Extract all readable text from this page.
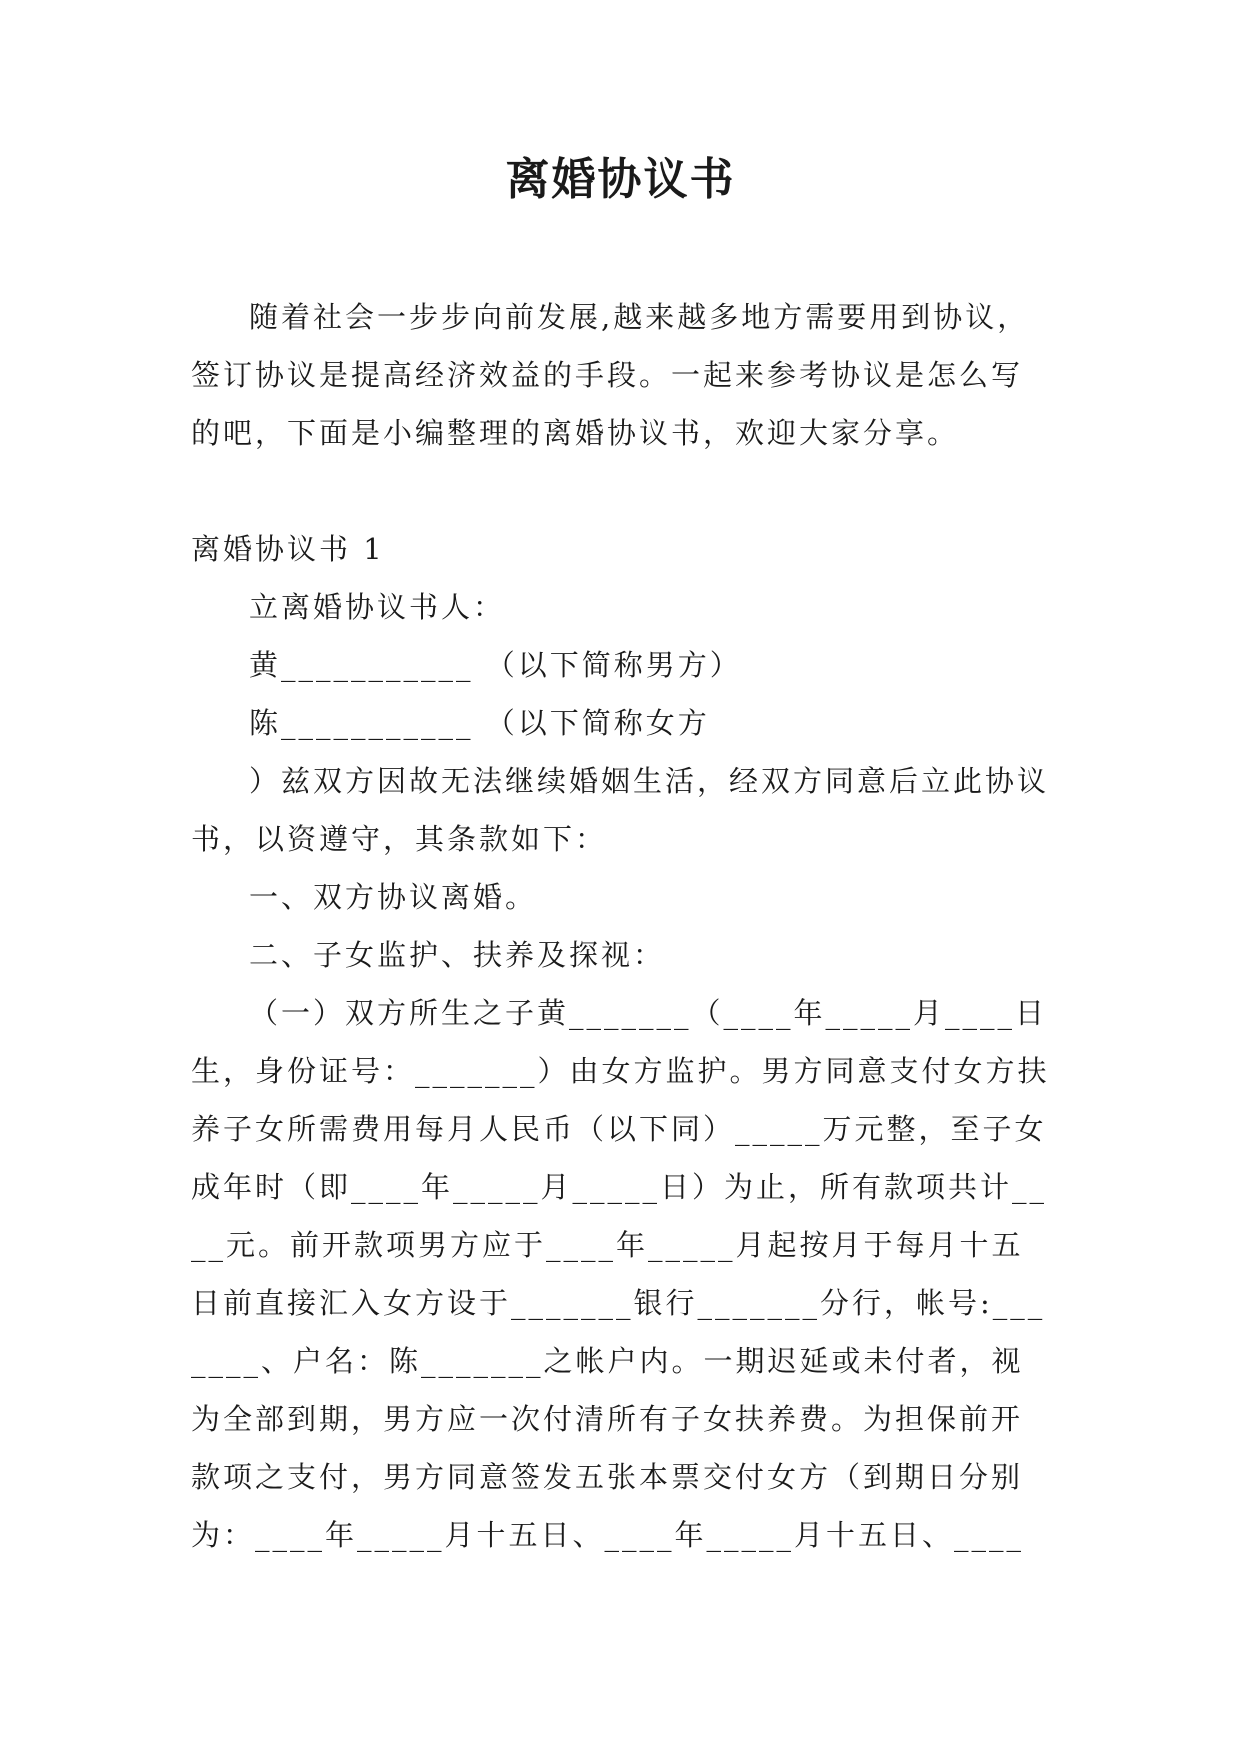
离婚协议书

随着社会一步步向前发展,越来越多地方需要用到协议，签订协议是提高经济效益的手段。一起来参考协议是怎么写的吧，下面是小编整理的离婚协议书，欢迎大家分享。

离婚协议书 1

立离婚协议书人：

黄___________ （以下简称男方）

陈___________ （以下简称女方

）兹双方因故无法继续婚姻生活，经双方同意后立此协议书，以资遵守，其条款如下：

一、双方协议离婚。

二、子女监护、扶养及探视：

（一）双方所生之子黄_______（____年_____月____日生，身份证号：_______）由女方监护。男方同意支付女方扶养子女所需费用每月人民币（以下同）_____万元整，至子女成年时（即____年_____月_____日）为止，所有款项共计____元。前开款项男方应于____年_____月起按月于每月十五日前直接汇入女方设于_______银行_______分行，帐号:_______、户名：陈_______之帐户内。一期迟延或未付者，视为全部到期，男方应一次付清所有子女扶养费。为担保前开款项之支付，男方同意签发五张本票交付女方（到期日分别为：____年_____月十五日、____年_____月十五日、____
